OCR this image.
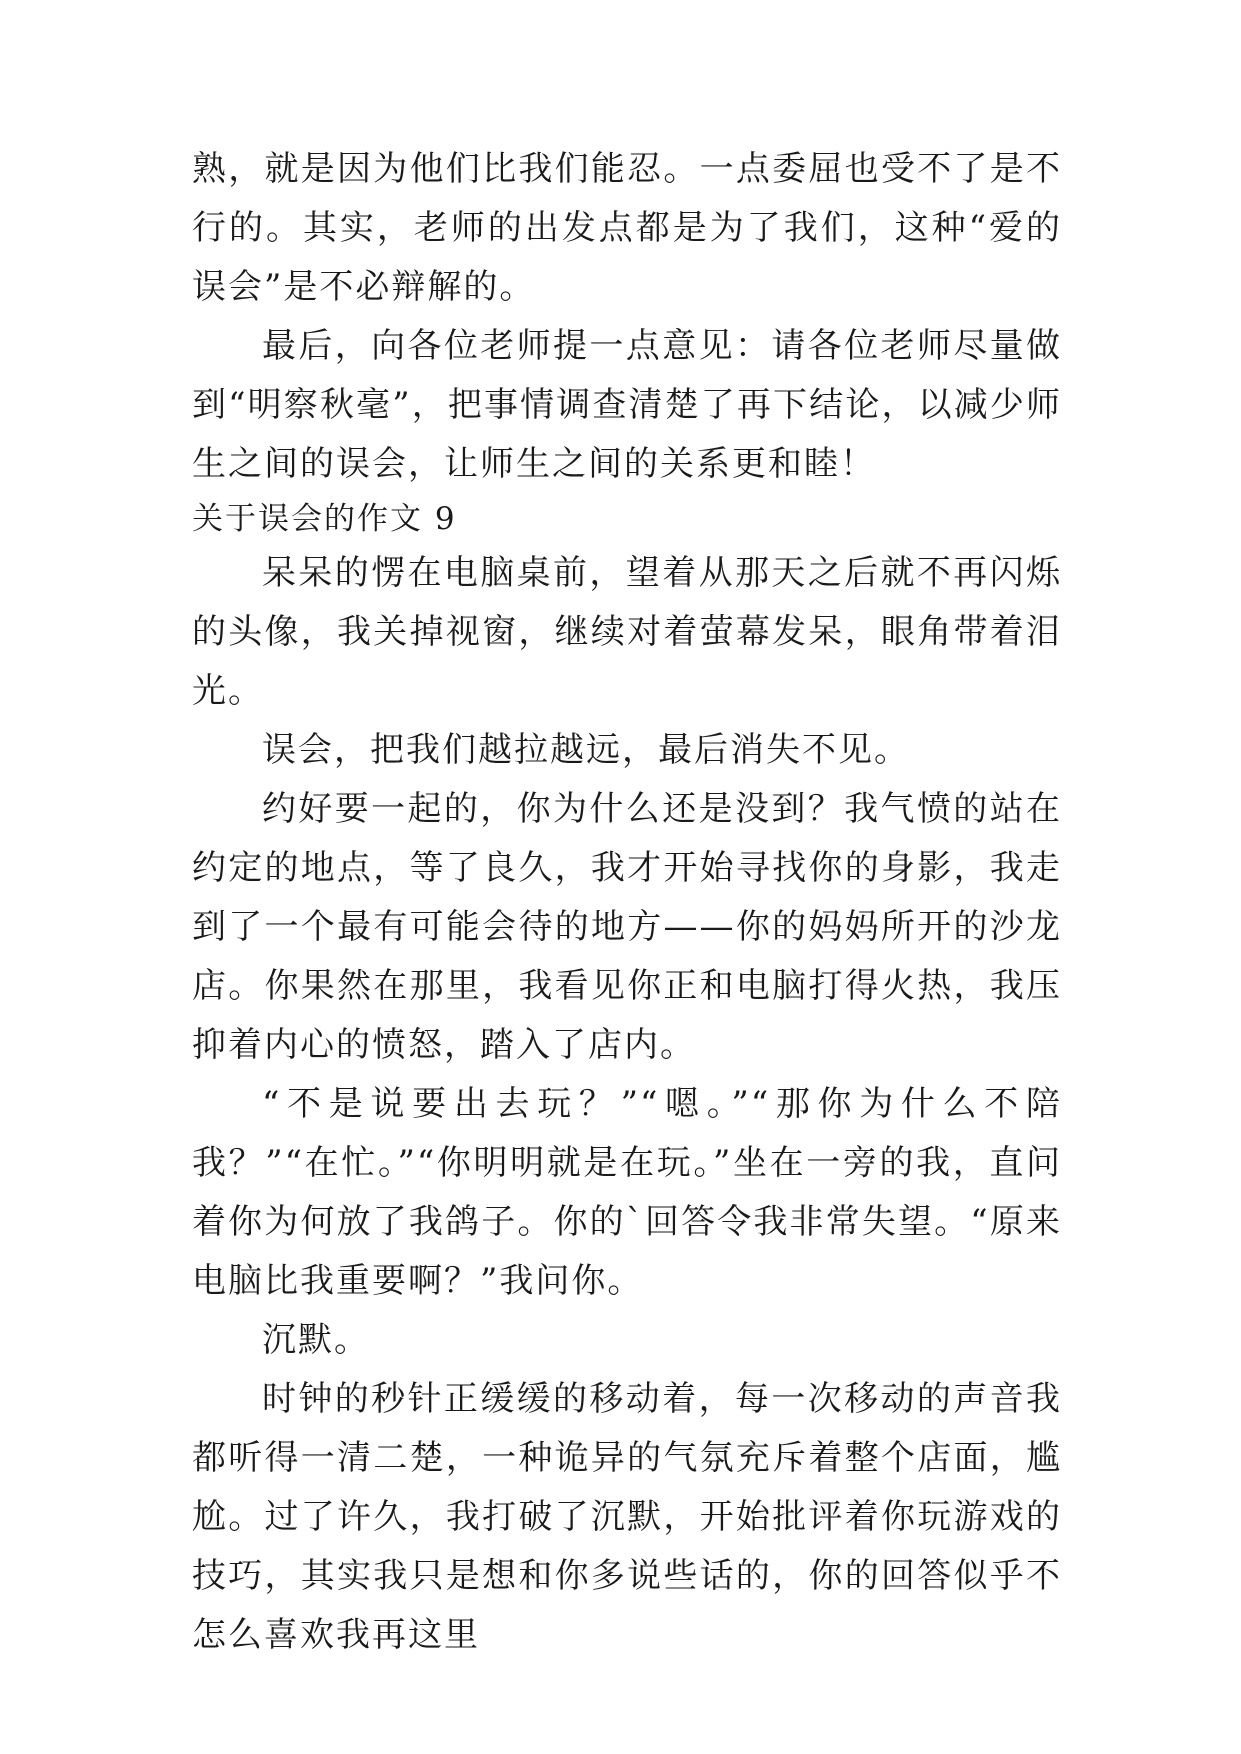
熟，就是因为他们比我们能忍。一点委屈也受不了是不行的。其实，老师的出发点都是为了我们，这种“爱的误会”是不必辩解的。

最后，向各位老师提一点意见：请各位老师尽量做到“明察秋毫”，把事情调查清楚了再下结论，以减少师生之间的误会，让师生之间的关系更和睦！

关于误会的作文 9

呆呆的愣在电脑桌前，望着从那天之后就不再闪烁的头像，我关掉视窗，继续对着萤幕发呆，眼角带着泪光。

误会，把我们越拉越远，最后消失不见。

约好要一起的，你为什么还是没到？我气愤的站在约定的地点，等了良久，我才开始寻找你的身影，我走到了一个最有可能会待的地方——你的妈妈所开的沙龙店。你果然在那里，我看见你正和电脑打得火热，我压抑着内心的愤怒，踏入了店内。

“不是说要出去玩？”“嗯。”“那你为什么不陪我？”“在忙。”“你明明就是在玩。”坐在一旁的我，直问着你为何放了我鸽子。你的`回答令我非常失望。“原来电脑比我重要啊？”我问你。

沉默。

时钟的秒针正缓缓的移动着，每一次移动的声音我都听得一清二楚，一种诡异的气氛充斥着整个店面，尴尬。过了许久，我打破了沉默，开始批评着你玩游戏的技巧，其实我只是想和你多说些话的，你的回答似乎不怎么喜欢我再这里
